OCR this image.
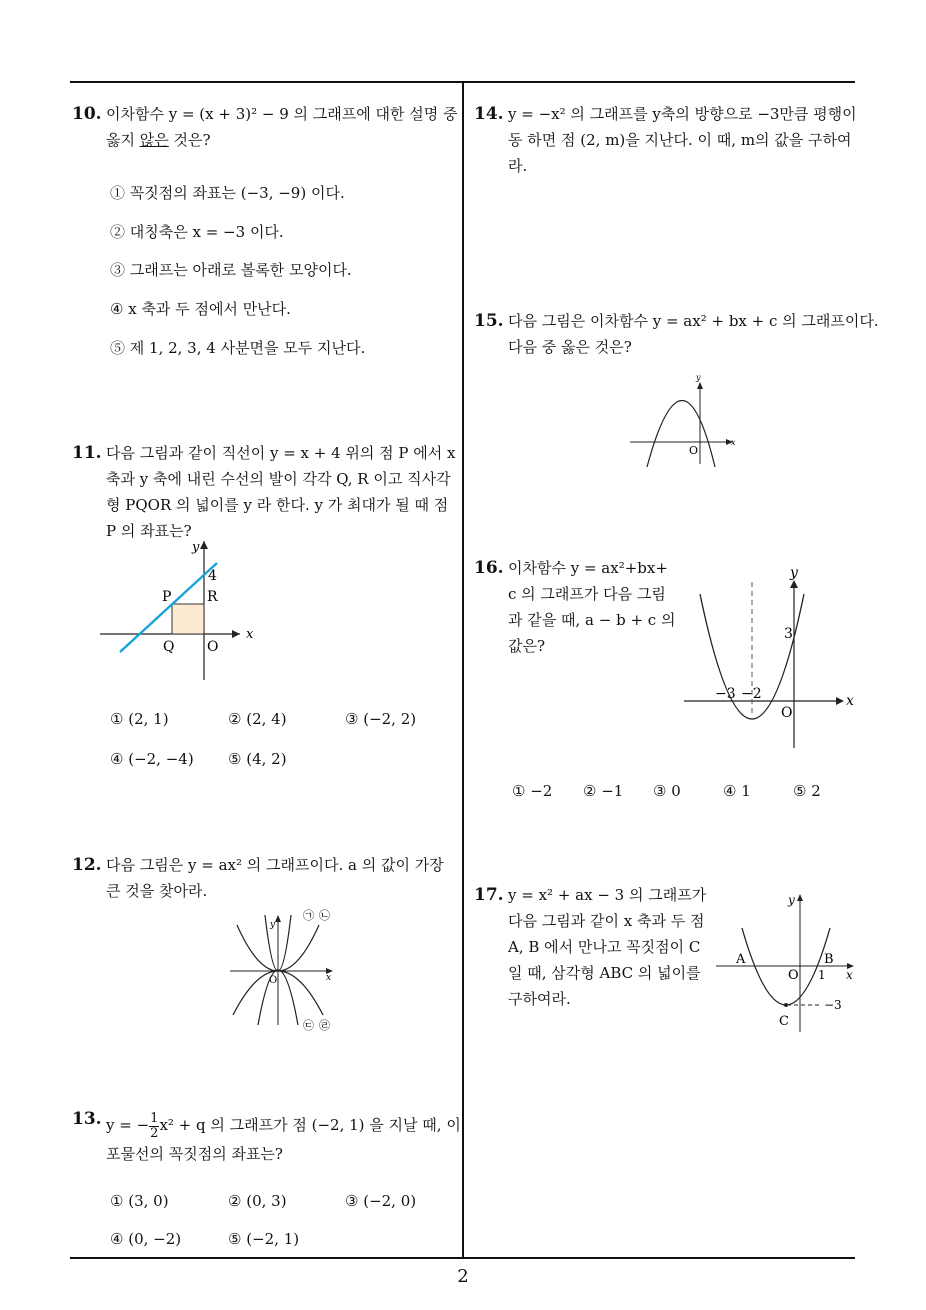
10. 이차함수 y = (x + 3)² − 9 의 그래프에 대한 설명 중
옳지 않은 것은?
① 꼭짓점의 좌표는 (−3, −9) 이다.
② 대칭축은 x = −3 이다.
③ 그래프는 아래로 볼록한 모양이다.
④ x 축과 두 점에서 만난다.
⑤ 제 1, 2, 3, 4 사분면을 모두 지난다.
11. 다음 그림과 같이 직선이 y = x + 4 위의 점 P 에서 x
축과 y 축에 내린 수선의 발이 각각 Q, R 이고 직사각
형 PQOR 의 넓이를 y 라 한다. y 가 최대가 될 때 점
P 의 좌표는?
y
x
4
P	R
Q O
① (2, 1)	② (2, 4)	③ (−2, 2)
④ (−2, −4) ⑤ (4, 2)
12. 다음 그림은 y = ax² 의 그래프이다. a 의 값이 가장
큰 것을 찾아라.
y
x
O
㉠ ㉡
㉢ ㉣
13. y = − $\frac{1}{2} x^2 + q$ 의 그래프가 점 (−2, 1) 을 지날 때, 이
포물선의 꼭짓점의 좌표는?
① (3, 0)	② (0, 3)	③ (−2, 0)
④ (0, −2)	⑤ (−2, 1)
14. y = −x² 의 그래프를 y축의 방향으로 −3만큼 평행이
동 하면 점 (2, m)을 지난다. 이 때, m의 값을 구하여
라.
15. 다음 그림은 이차함수 y = ax² + bx + c 의 그래프이다.
다음 중 옳은 것은?
y
x
O
16. 이차함수 y = ax²+bx+
c 의 그래프가 다음 그림
과 같을 때, a − b + c 의
값은?
y
x
O
3
−3 −2
① −2 ② −1 ③ 0	④ 1	⑤ 2
17. y = x² + ax − 3 의 그래프가
다음 그림과 같이 x 축과 두 점
A, B 에서 만나고 꼭짓점이 C
일 때, 삼각형 ABC 의 넓이를
구하여라.
y
x
A	B
O 1
−3
C
2
